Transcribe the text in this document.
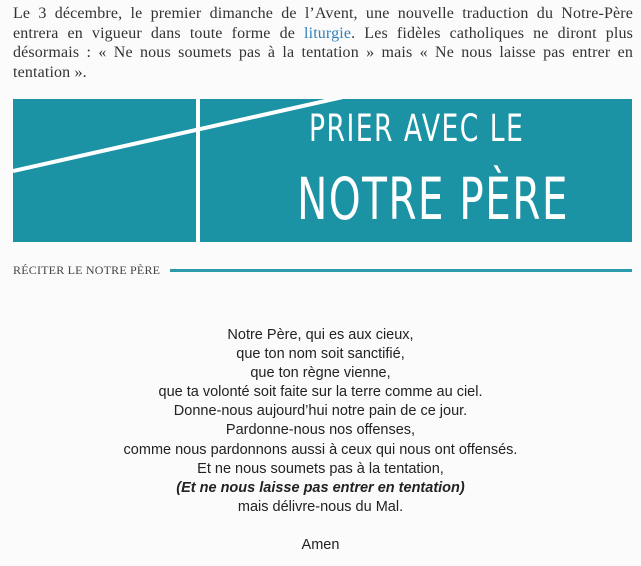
Le 3 décembre, le premier dimanche de l’Avent, une nouvelle traduction du Notre-Père entrera en vigueur dans toute forme de liturgie. Les fidèles catholiques ne diront plus désormais : « Ne nous soumets pas à la tentation » mais « Ne nous laisse pas entrer en tentation ».
PRIER AVEC LE
NOTRE PÈRE
RÉCITER LE NOTRE PÈRE
Notre Père, qui es aux cieux,
que ton nom soit sanctifié,
que ton règne vienne,
que ta volonté soit faite sur la terre comme au ciel.
Donne-nous aujourd’hui notre pain de ce jour.
Pardonne-nous nos offenses,
comme nous pardonnons aussi à ceux qui nous ont offensés.
Et ne nous soumets pas à la tentation,
(Et ne nous laisse pas entrer en tentation)
mais délivre-nous du Mal.
Amen
